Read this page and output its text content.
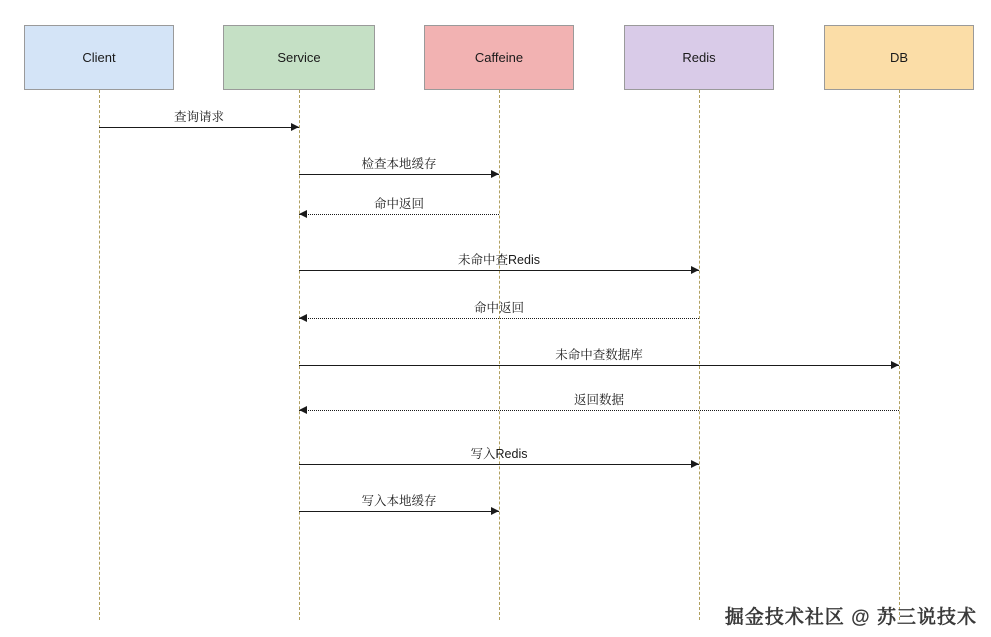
Client	Service	Caffeine	Redis	DB
查询请求
检查本地缓存
命中返回
未命中查Redis
命中返回
未命中查数据库
返回数据
写入Redis
写入本地缓存
掘金技术社区 @ 苏三说技术
